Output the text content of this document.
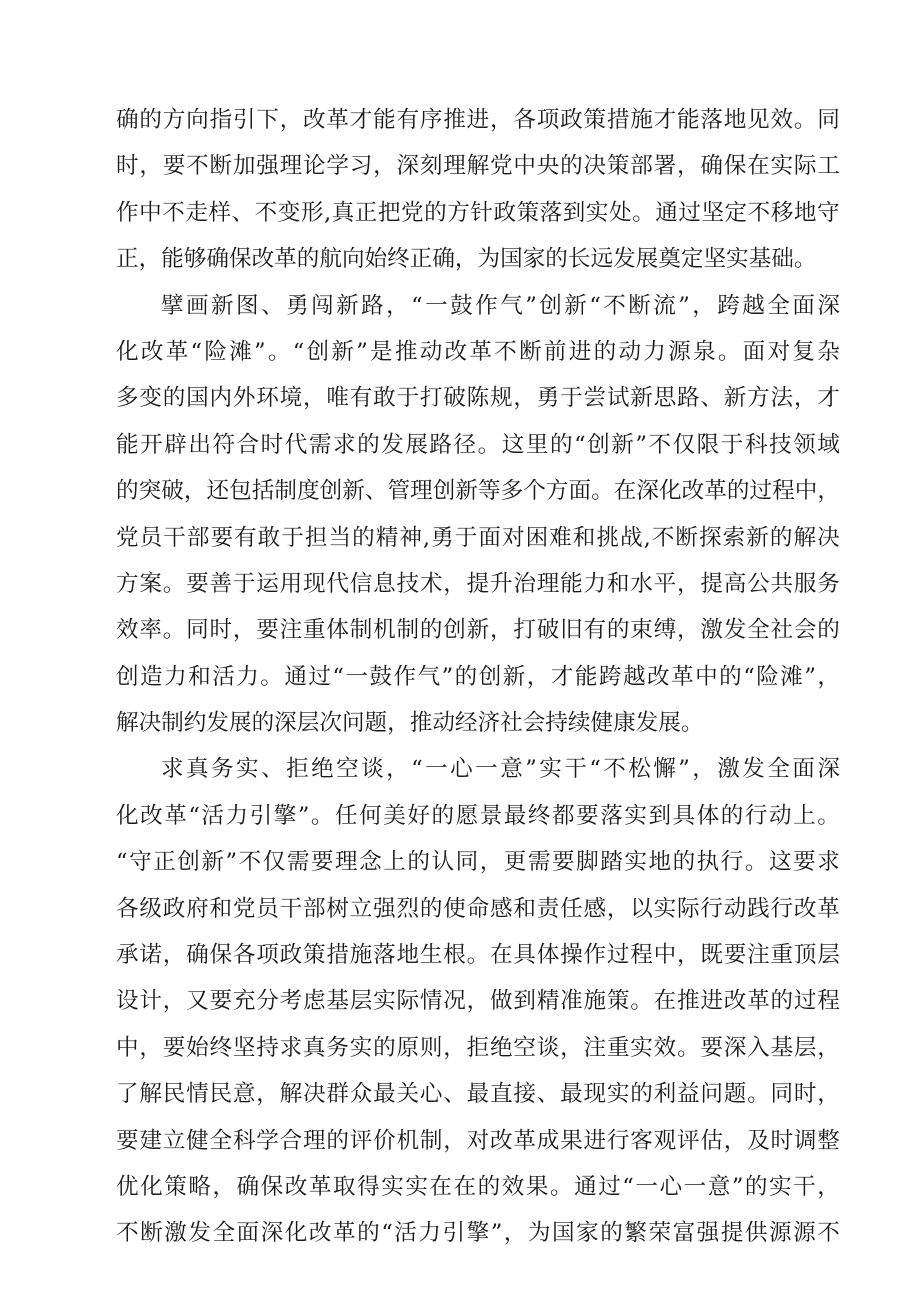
确 的 方 向 指 引 下 ， 改 革 才 能 有 序 推 进 ， 各 项 政 策 措 施 才 能 落 地 见 效 。 同
时 ， 要 不 断 加 强 理 论 学 习 ， 深 刻 理 解 党 中 央 的 决 策 部 署 ， 确 保 在 实 际 工
作 中 不 走 样 、 不 变 形 , 真 正 把 党 的 方 针 政 策 落 到 实 处 。 通 过 坚 定 不 移 地 守
正 ， 能 够 确 保 改 革 的 航 向 始 终 正 确 ， 为 国 家 的 长 远 发 展 奠 定 坚 实 基 础 。
擘 画 新 图 、 勇 闯 新 路 ， “ 一 鼓 作 气 ” 创 新 “ 不 断 流 ” ， 跨 越 全 面 深
化 改 革 “ 险 滩 ” 。 “ 创 新 ” 是 推 动 改 革 不 断 前 进 的 动 力 源 泉 。 面 对 复 杂
多 变 的 国 内 外 环 境 ， 唯 有 敢 于 打 破 陈 规 ， 勇 于 尝 试 新 思 路 、 新 方 法 ， 才
能 开 辟 出 符 合 时 代 需 求 的 发 展 路 径 。 这 里 的 “ 创 新 ” 不 仅 限 于 科 技 领 域
的 突 破 ， 还 包 括 制 度 创 新 、 管 理 创 新 等 多 个 方 面 。 在 深 化 改 革 的 过 程 中 ，
党 员 干 部 要 有 敢 于 担 当 的 精 神 , 勇 于 面 对 困 难 和 挑 战 , 不 断 探 索 新 的 解 决
方 案 。 要 善 于 运 用 现 代 信 息 技 术 ， 提 升 治 理 能 力 和 水 平 ， 提 高 公 共 服 务
效 率 。 同 时 ， 要 注 重 体 制 机 制 的 创 新 ， 打 破 旧 有 的 束 缚 ， 激 发 全 社 会 的
创 造 力 和 活 力 。 通 过 “ 一 鼓 作 气 ” 的 创 新 ， 才 能 跨 越 改 革 中 的 “ 险 滩 ” ，
解 决 制 约 发 展 的 深 层 次 问 题 ， 推 动 经 济 社 会 持 续 健 康 发 展 。
求 真 务 实 、 拒 绝 空 谈 ， “ 一 心 一 意 ” 实 干 “ 不 松 懈 ” ， 激 发 全 面 深
化 改 革 “ 活 力 引 擎 ” 。 任 何 美 好 的 愿 景 最 终 都 要 落 实 到 具 体 的 行 动 上 。
“ 守 正 创 新 ” 不 仅 需 要 理 念 上 的 认 同 ， 更 需 要 脚 踏 实 地 的 执 行 。 这 要 求
各 级 政 府 和 党 员 干 部 树 立 强 烈 的 使 命 感 和 责 任 感 ， 以 实 际 行 动 践 行 改 革
承 诺 ， 确 保 各 项 政 策 措 施 落 地 生 根 。 在 具 体 操 作 过 程 中 ， 既 要 注 重 顶 层
设 计 ， 又 要 充 分 考 虑 基 层 实 际 情 况 ， 做 到 精 准 施 策 。 在 推 进 改 革 的 过 程
中 ， 要 始 终 坚 持 求 真 务 实 的 原 则 ， 拒 绝 空 谈 ， 注 重 实 效 。 要 深 入 基 层 ，
了 解 民 情 民 意 ， 解 决 群 众 最 关 心 、 最 直 接 、 最 现 实 的 利 益 问 题 。 同 时 ，
要 建 立 健 全 科 学 合 理 的 评 价 机 制 ， 对 改 革 成 果 进 行 客 观 评 估 ， 及 时 调 整
优 化 策 略 ， 确 保 改 革 取 得 实 实 在 在 的 效 果 。 通 过 “ 一 心 一 意 ” 的 实 干 ，
不 断 激 发 全 面 深 化 改 革 的 “ 活 力 引 擎 ” ， 为 国 家 的 繁 荣 富 强 提 供 源 源 不
